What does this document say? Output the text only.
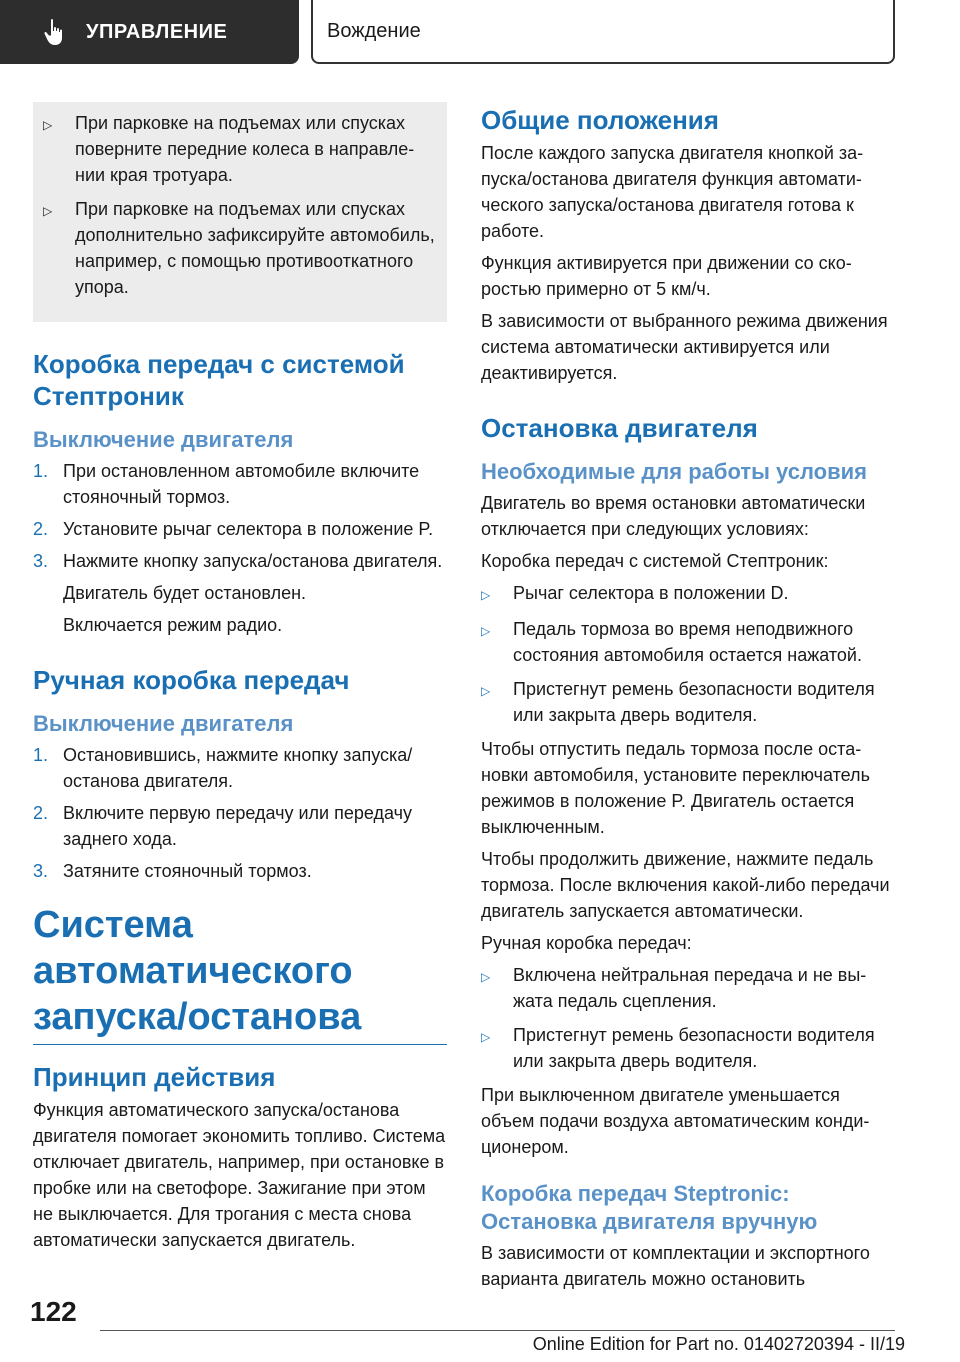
УПРАВЛЕНИЕ	Вождение
▷	При парковке на подъемах или спусках поверните передние колеса в направлении края тротуара.
▷	При парковке на подъемах или спусках дополнительно зафиксируйте автомобиль, например, с помощью противооткатного упора.
Коробка передач с системой Стептроник
Выключение двигателя
1. При остановленном автомобиле включите стояночный тормоз.
2. Установите рычаг селектора в положение P.
3. Нажмите кнопку запуска/останова двигателя.
Двигатель будет остановлен.
Включается режим радио.
Ручная коробка передач
Выключение двигателя
1. Остановившись, нажмите кнопку запуска/останова двигателя.
2. Включите первую передачу или передачу заднего хода.
3. Затяните стояночный тормоз.
Система автоматического запуска/останова
Принцип действия
Функция автоматического запуска/останова двигателя помогает экономить топливо. Система отключает двигатель, например, при остановке в пробке или на светофоре. Зажигание при этом не выключается. Для трогания с места снова автоматически запускается двигатель.
Общие положения
После каждого запуска двигателя кнопкой запуска/останова двигателя функция автоматического запуска/останова двигателя готова к работе.
Функция активируется при движении со скоростью примерно от 5 км/ч.
В зависимости от выбранного режима движения система автоматически активируется или деактивируется.
Остановка двигателя
Необходимые для работы условия
Двигатель во время остановки автоматически отключается при следующих условиях:
Коробка передач с системой Стептроник:
▷	Рычаг селектора в положении D.
▷	Педаль тормоза во время неподвижного состояния автомобиля остается нажатой.
▷	Пристегнут ремень безопасности водителя или закрыта дверь водителя.
Чтобы отпустить педаль тормоза после остановки автомобиля, установите переключатель режимов в положение P. Двигатель остается выключенным.
Чтобы продолжить движение, нажмите педаль тормоза. После включения какой-либо передачи двигатель запускается автоматически.
Ручная коробка передач:
▷	Включена нейтральная передача и не выжата педаль сцепления.
▷	Пристегнут ремень безопасности водителя или закрыта дверь водителя.
При выключенном двигателе уменьшается объем подачи воздуха автоматическим кондиционером.
Коробка передач Steptronic: Остановка двигателя вручную
В зависимости от комплектации и экспортного варианта двигатель можно остановить
122
Online Edition for Part no. 01402720394 - II/19
